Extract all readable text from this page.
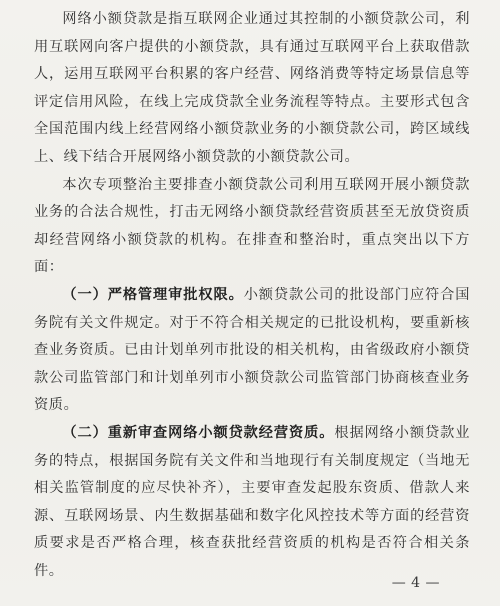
网络小额贷款是指互联网企业通过其控制的小额贷款公司，利用互联网向客户提供的小额贷款，具有通过互联网平台上获取借款人，运用互联网平台积累的客户经营、网络消费等特定场景信息等评定信用风险，在线上完成贷款全业务流程等特点。主要形式包含全国范围内线上经营网络小额贷款业务的小额贷款公司，跨区域线上、线下结合开展网络小额贷款的小额贷款公司。

本次专项整治主要排查小额贷款公司利用互联网开展小额贷款业务的合法合规性，打击无网络小额贷款经营资质甚至无放贷资质却经营网络小额贷款的机构。在排查和整治时，重点突出以下方面：

（一）严格管理审批权限。小额贷款公司的批设部门应符合国务院有关文件规定。对于不符合相关规定的已批设机构，要重新核查业务资质。已由计划单列市批设的相关机构，由省级政府小额贷款公司监管部门和计划单列市小额贷款公司监管部门协商核查业务资质。

（二）重新审查网络小额贷款经营资质。根据网络小额贷款业务的特点，根据国务院有关文件和当地现行有关制度规定（当地无相关监管制度的应尽快补齐），主要审查发起股东资质、借款人来源、互联网场景、内生数据基础和数字化风控技术等方面的经营资质要求是否严格合理，核查获批经营资质的机构是否符合相关条件。

— 4 —
